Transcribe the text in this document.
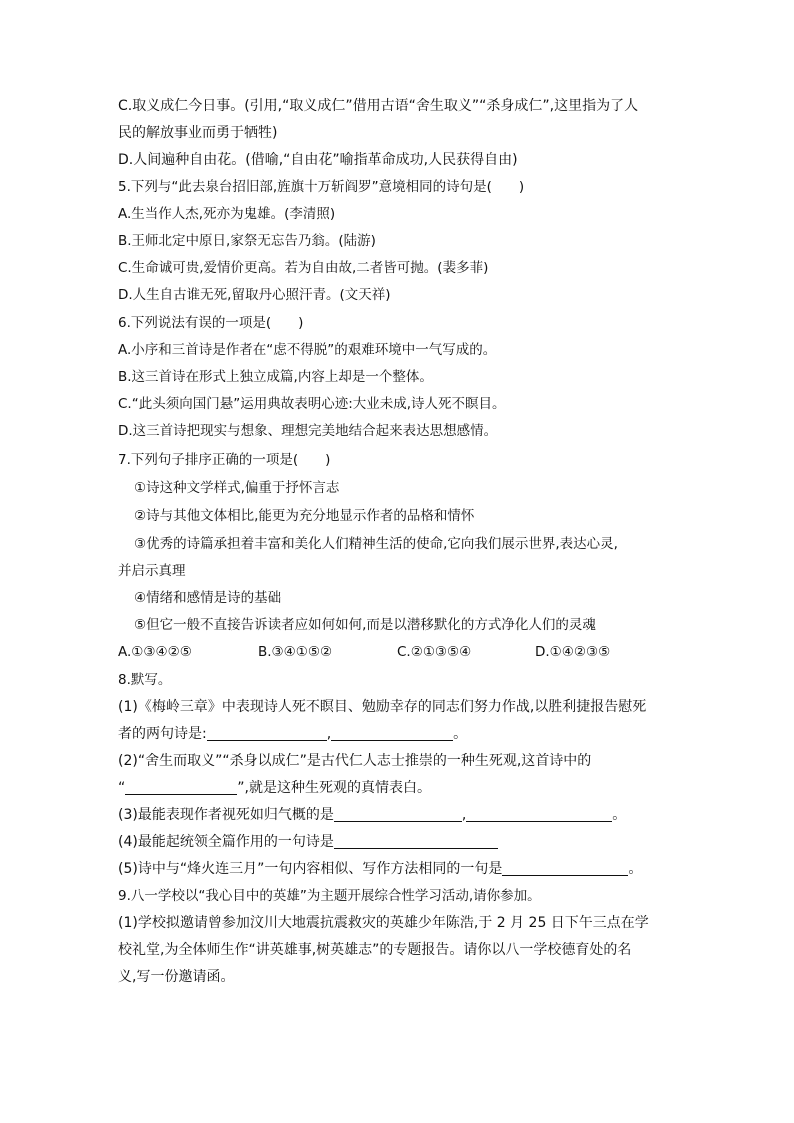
C.取义成仁今日事。(引用,“取义成仁”借用古语“舍生取义”“杀身成仁”,这里指为了人
民的解放事业而勇于牺牲)
D.人间遍种自由花。(借喻,“自由花”喻指革命成功,人民获得自由)
5.下列与“此去泉台招旧部,旌旗十万斩阎罗”意境相同的诗句是(　　)
A.生当作人杰,死亦为鬼雄。(李清照)
B.王师北定中原日,家祭无忘告乃翁。(陆游)
C.生命诚可贵,爱情价更高。若为自由故,二者皆可抛。(裴多菲)
D.人生自古谁无死,留取丹心照汗青。(文天祥)
6.下列说法有误的一项是(　　)
A.小序和三首诗是作者在“虑不得脱”的艰难环境中一气写成的。
B.这三首诗在形式上独立成篇,内容上却是一个整体。
C.“此头须向国门悬”运用典故表明心迹:大业未成,诗人死不瞑目。
D.这三首诗把现实与想象、理想完美地结合起来表达思想感情。
7.下列句子排序正确的一项是(　　)
①诗这种文学样式,偏重于抒怀言志
②诗与其他文体相比,能更为充分地显示作者的品格和情怀
③优秀的诗篇承担着丰富和美化人们精神生活的使命,它向我们展示世界,表达心灵,
并启示真理
④情绪和感情是诗的基础
⑤但它一般不直接告诉读者应如何如何,而是以潜移默化的方式净化人们的灵魂
A.①③④②⑤	B.③④①⑤②	C.②①③⑤④	D.①④②③⑤
8.默写。
(1)《梅岭三章》中表现诗人死不瞑目、勉励幸存的同志们努力作战,以胜利捷报告慰死
者的两句诗是:	,	。
(2)“舍生而取义”“杀身以成仁”是古代仁人志士推崇的一种生死观,这首诗中的
“	”,就是这种生死观的真情表白。
(3)最能表现作者视死如归气概的是	,	。
(4)最能起统领全篇作用的一句诗是
(5)诗中与“烽火连三月”一句内容相似、写作方法相同的一句是	。
9.八一学校以“我心目中的英雄”为主题开展综合性学习活动,请你参加。
(1)学校拟邀请曾参加汶川大地震抗震救灾的英雄少年陈浩,于 2 月 25 日下午三点在学
校礼堂,为全体师生作“讲英雄事,树英雄志”的专题报告。请你以八一学校德育处的名
义,写一份邀请函。
